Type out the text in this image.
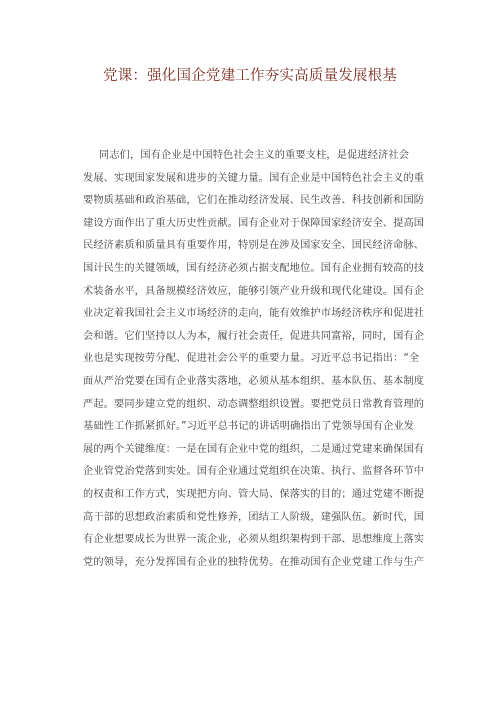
党课：强化国企党建工作夯实高质量发展根基
同志们，国有企业是中国特色社会主义的重要支柱，是促进经济社会
发展、实现国家发展和进步的关键力量。国有企业是中国特色社会主义的重
要物质基础和政治基础，它们在推动经济发展、民生改善、科技创新和国防
建设方面作出了重大历史性贡献。国有企业对于保障国家经济安全、提高国
民经济素质和质量具有重要作用，特别是在涉及国家安全、国民经济命脉、
国计民生的关键领域，国有经济必须占据支配地位。国有企业拥有较高的技
术装备水平，具备规模经济效应，能够引领产业升级和现代化建设。国有企
业决定着我国社会主义市场经济的走向，能有效维护市场经济秩序和促进社
会和谐。它们坚持以人为本，履行社会责任，促进共同富裕，同时，国有企
业也是实现按劳分配、促进社会公平的重要力量。习近平总书记指出：“全
面从严治党要在国有企业落实落地，必须从基本组织、基本队伍、基本制度
严起。要同步建立党的组织、动态调整组织设置。要把党员日常教育管理的
基础性工作抓紧抓好。”习近平总书记的讲话明确指出了党领导国有企业发
展的两个关键维度：一是在国有企业中党的组织，二是通过党建来确保国有
企业管党治党落到实处。国有企业通过党组织在决策、执行、监督各环节中
的权责和工作方式，实现把方向、管大局、保落实的目的；通过党建不断提
高干部的思想政治素质和党性修养，团结工人阶级，建强队伍。新时代，国
有企业想要成长为世界一流企业，必须从组织架构到干部、思想维度上落实
党的领导，充分发挥国有企业的独特优势。在推动国有企业党建工作与生产
